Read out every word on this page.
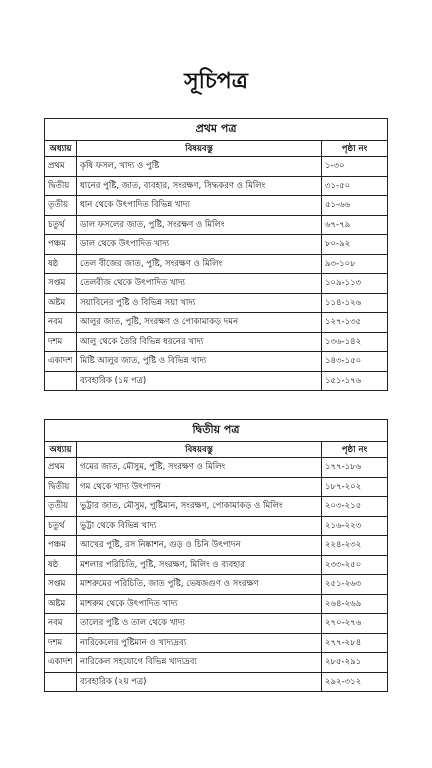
সূচিপত্র
প্রথম পত্র		
অধ্যায়	বিষয়বস্তু	পৃষ্ঠা নং
প্রথম	কৃষি ফসল, খাদ্য ও পুষ্টি	১-৩০
দ্বিতীয়	ধানের পুষ্টি, জাত, ব্যবহার, সংরক্ষণ, সিদ্ধকরণ ও মিলিং	৩১-৫০
তৃতীয়	ধান থেকে উৎপাদিত বিভিন্ন খাদ্য	৫১-৬৬
চতুর্থ	ডাল ফসলের জাত, পুষ্টি, সংরক্ষণ ও মিলিং	৬৭-৭৯
পঞ্চম	ডাল থেকে উৎপাদিত খাদ্য	৮০-৯২
ষষ্ঠ	তেল বীজের জাত, পুষ্টি, সংরক্ষণ ও মিলিং	৯৩-১০৮
সপ্তম	তেলবীজ থেকে উৎপাদিত খাদ্য	১০৯-১১৩
অষ্টম	সয়াবিনের পুষ্টি ও বিভিন্ন সয়া খাদ্য	১১৪-১২৬
নবম	আলুর জাত, পুষ্টি, সংরক্ষণ ও পোকামাকড় দমন	১২৭-১৩৫
দশম	আলু থেকে তৈরি বিভিন্ন ধরনের খাদ্য	১৩৬-১৪২
একাদশ	মিষ্টি আলুর জাত, পুষ্টি ও বিভিন্ন খাদ্য	১৪৩-১৫০
	ব্যবহারিক (১ম পত্র)	১৫১-১৭৬
দ্বিতীয় পত্র		
অধ্যায়	বিষয়বস্তু	পৃষ্ঠা নং
প্রথম	গমের জাত, মৌসুম, পুষ্টি, সংরক্ষণ ও মিলিং	১৭৭-১৮৬
দ্বিতীয়	গম থেকে খাদ্য উৎপাদন	১৮৭-২০২
তৃতীয়	ভুট্টার জাত, মৌসুম, পুষ্টিমান, সংরক্ষণ, পোকামাকড় ও মিলিং	২০৩-২১৫
চতুর্থ	ভুট্টা থেকে বিভিন্ন খাদ্য	২১৬-২২৩
পঞ্চম	আখের পুষ্টি, রস নিষ্কাশন, গুড় ও চিনি উৎপাদন	২২৪-২৩২
ষষ্ঠ	মশলার পরিচিতি, পুষ্টি, সংরক্ষণ, মিলিং ও ব্যবহার	২৩৩-২৫০
সপ্তম	মাশরুমের পরিচিতি, জাত পুষ্টি, ভেষজগুণ ও সংরক্ষণ	২৫১-২৬৩
অষ্টম	মাশরুম থেকে উৎপাদিত খাদ্য	২৬৪-২৬৯
নবম	তালের পুষ্টি ও তাল থেকে খাদ্য	২৭০-২৭৬
দশম	নারিকেলের পুষ্টিমান ও খাদ্যদ্রব্য	২৭৭-২৮৪
একাদশ	নারিকেল সহযোগে বিভিন্ন খাদ্যদ্রব্য	২৮৫-২৯১
	ব্যবহারিক (২য় পত্র)	২৯২-৩১২
